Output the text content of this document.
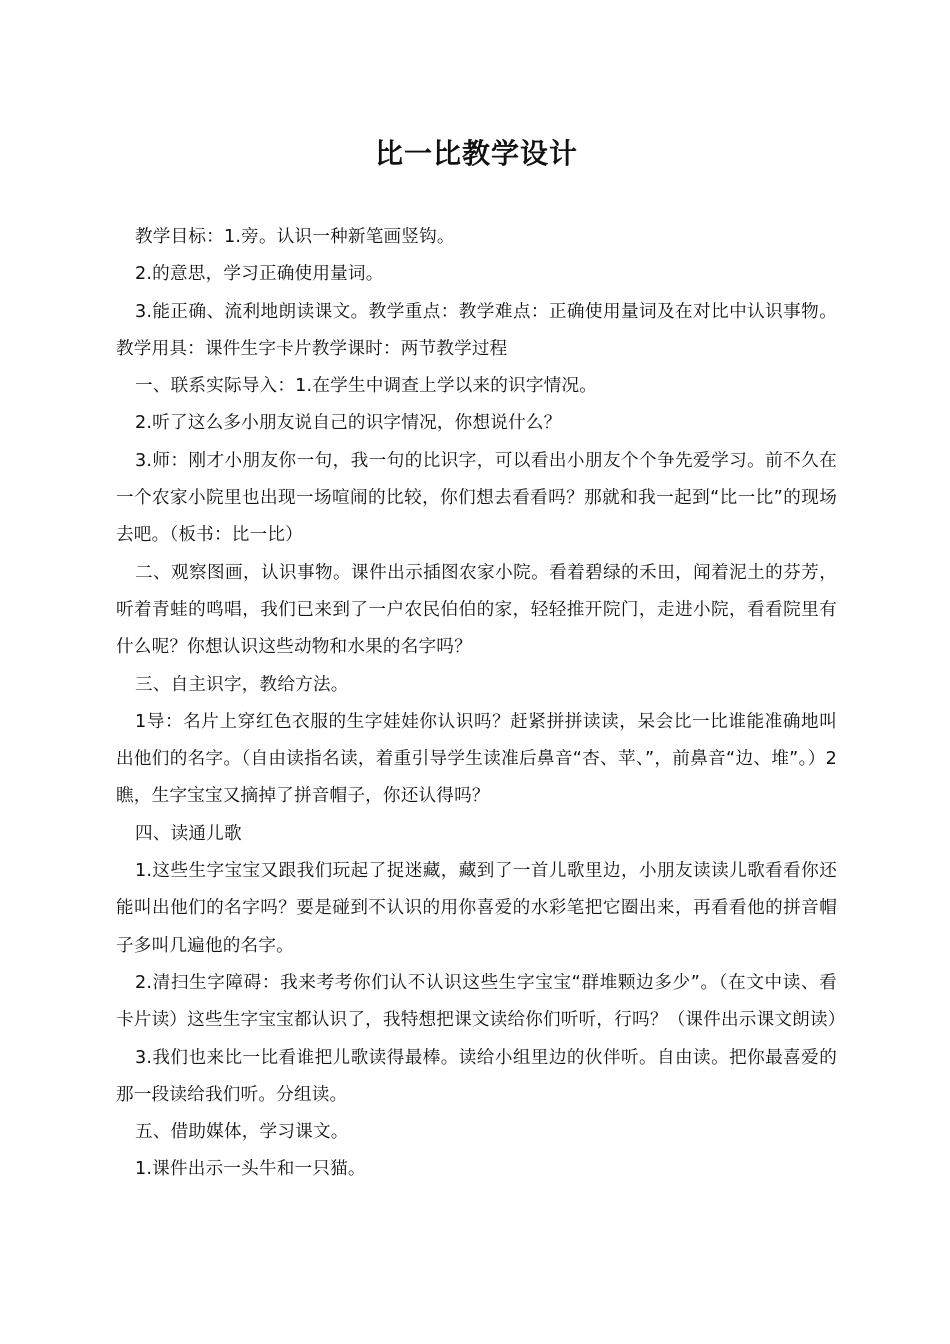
比一比教学设计

教学目标：1.旁。认识一种新笔画竖钩。

2.的意思，学习正确使用量词。

3.能正确、流利地朗读课文。教学重点：教学难点：正确使用量词及在对比中认识事物。教学用具：课件生字卡片教学课时：两节教学过程

一、联系实际导入：1.在学生中调查上学以来的识字情况。

2.听了这么多小朋友说自己的识字情况，你想说什么？

3.师：刚才小朋友你一句，我一句的比识字，可以看出小朋友个个争先爱学习。前不久在一个农家小院里也出现一场喧闹的比较，你们想去看看吗？那就和我一起到“比一比”的现场去吧。（板书：比一比）

二、观察图画，认识事物。课件出示插图农家小院。看着碧绿的禾田，闻着泥土的芬芳，听着青蛙的鸣唱，我们已来到了一户农民伯伯的家，轻轻推开院门，走进小院，看看院里有什么呢？你想认识这些动物和水果的名字吗？

三、自主识字，教给方法。

1导：名片上穿红色衣服的生字娃娃你认识吗？赶紧拼拼读读，呆会比一比谁能准确地叫出他们的名字。（自由读指名读，着重引导学生读准后鼻音“杏、苹、”，前鼻音“边、堆”。）2瞧，生字宝宝又摘掉了拼音帽子，你还认得吗？

四、读通儿歌

1.这些生字宝宝又跟我们玩起了捉迷藏，藏到了一首儿歌里边，小朋友读读儿歌看看你还能叫出他们的名字吗？要是碰到不认识的用你喜爱的水彩笔把它圈出来，再看看他的拼音帽子多叫几遍他的名字。

2.清扫生字障碍：我来考考你们认不认识这些生字宝宝“群堆颗边多少”。（在文中读、看卡片读）这些生字宝宝都认识了，我特想把课文读给你们听听，行吗？（课件出示课文朗读）

3.我们也来比一比看谁把儿歌读得最棒。读给小组里边的伙伴听。自由读。把你最喜爱的那一段读给我们听。分组读。

五、借助媒体，学习课文。

1.课件出示一头牛和一只猫。
